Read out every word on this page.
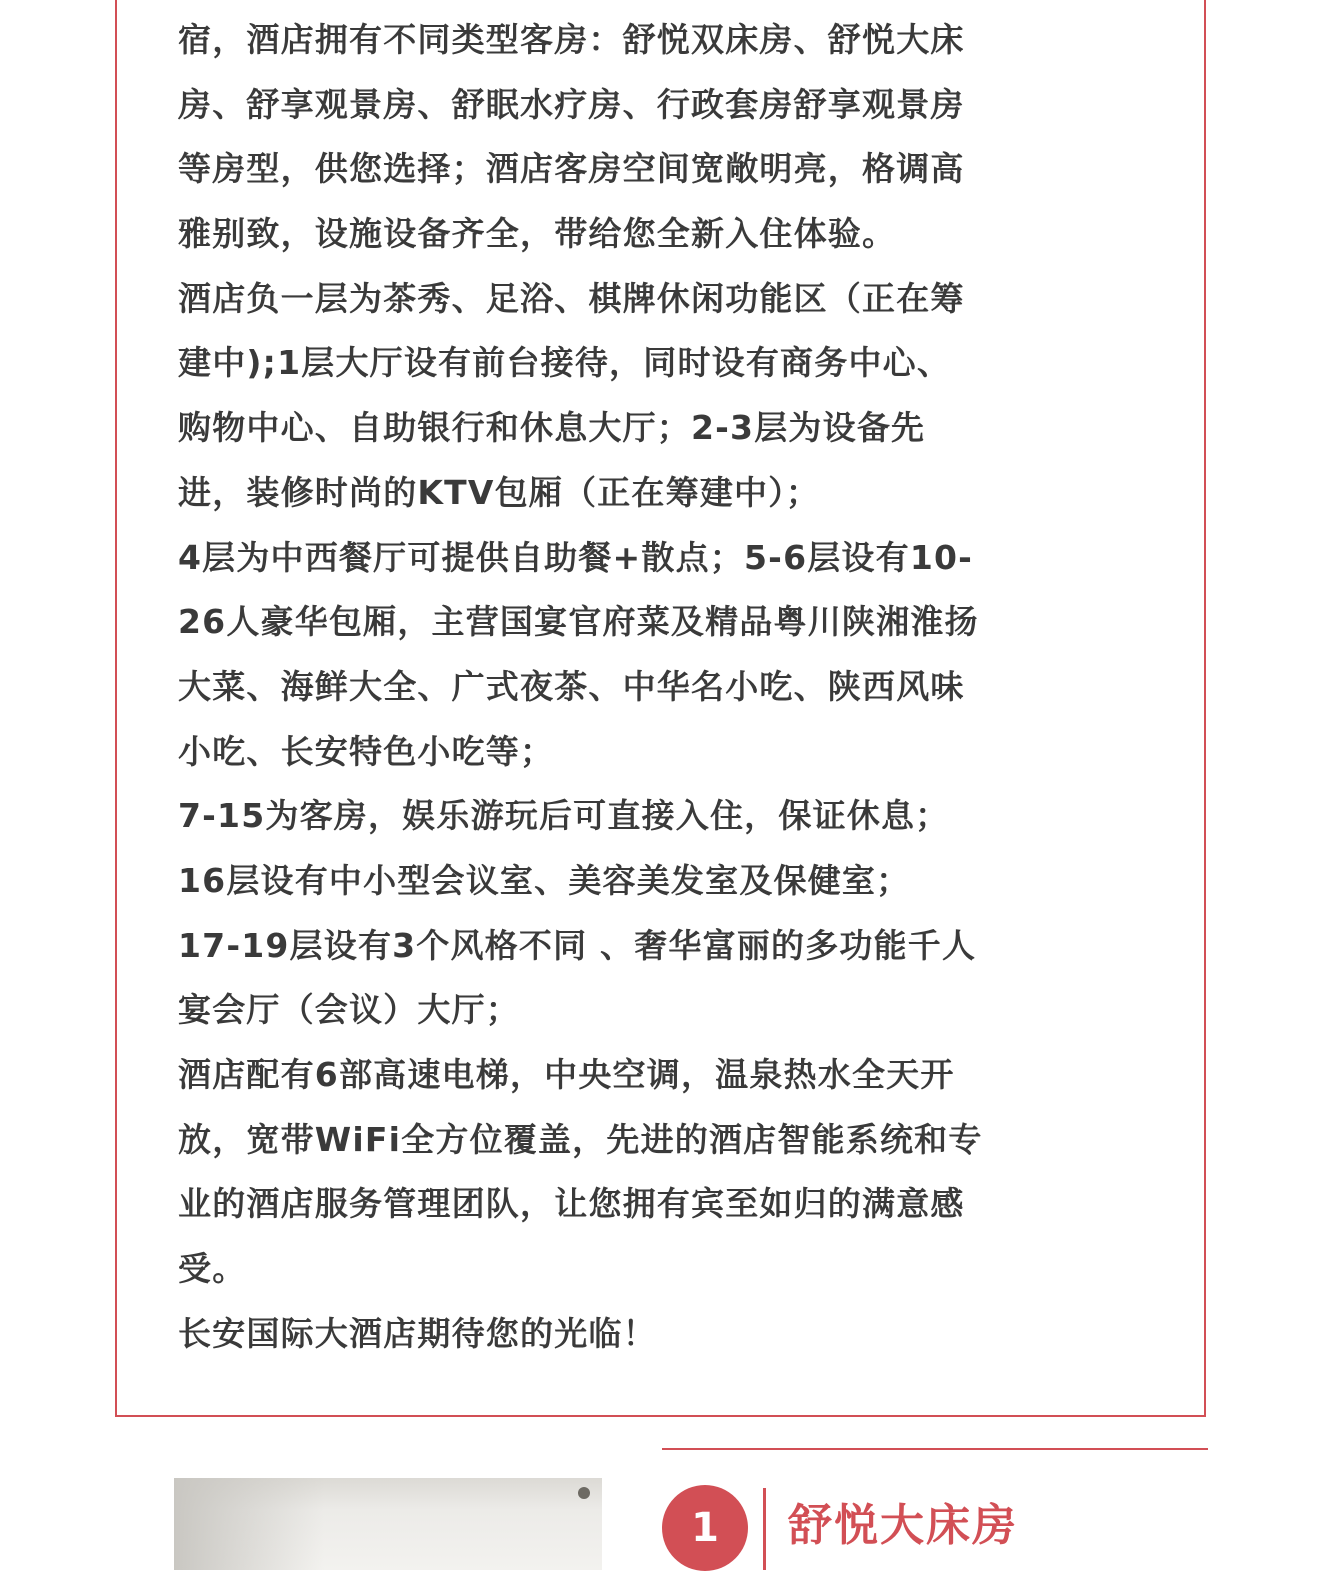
宿，酒店拥有不同类型客房：舒悦双床房、舒悦大床
房、舒享观景房、舒眠水疗房、行政套房舒享观景房
等房型，供您选择；酒店客房空间宽敞明亮，格调高
雅别致，设施设备齐全，带给您全新入住体验。
酒店负一层为茶秀、足浴、棋牌休闲功能区（正在筹
建中);1层大厅设有前台接待，同时设有商务中心、
购物中心、自助银行和休息大厅；2-3层为设备先
进，装修时尚的KTV包厢（正在筹建中）；
4层为中西餐厅可提供自助餐+散点；5-6层设有10-
26人豪华包厢，主营国宴官府菜及精品粤川陕湘淮扬
大菜、海鲜大全、广式夜茶、中华名小吃、陕西风味
小吃、长安特色小吃等；
7-15为客房，娱乐游玩后可直接入住，保证休息；
16层设有中小型会议室、美容美发室及保健室；
17-19层设有3个风格不同 、奢华富丽的多功能千人
宴会厅（会议）大厅；
酒店配有6部高速电梯，中央空调，温泉热水全天开
放，宽带WiFi全方位覆盖，先进的酒店智能系统和专
业的酒店服务管理团队，让您拥有宾至如归的满意感
受。
长安国际大酒店期待您的光临！
1	舒悦大床房
